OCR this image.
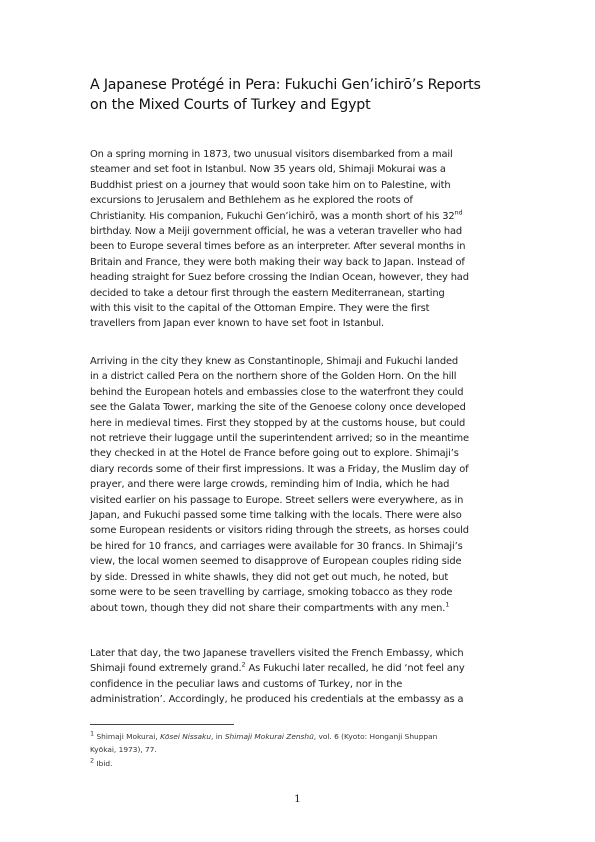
A Japanese Protégé in Pera: Fukuchi Gen’ichirō’s Reports
on the Mixed Courts of Turkey and Egypt

On a spring morning in 1873, two unusual visitors disembarked from a mail
steamer and set foot in Istanbul. Now 35 years old, Shimaji Mokurai was a
Buddhist priest on a journey that would soon take him on to Palestine, with
excursions to Jerusalem and Bethlehem as he explored the roots of
Christianity. His companion, Fukuchi Gen’ichirō, was a month short of his 32nd
birthday. Now a Meiji government official, he was a veteran traveller who had
been to Europe several times before as an interpreter. After several months in
Britain and France, they were both making their way back to Japan. Instead of
heading straight for Suez before crossing the Indian Ocean, however, they had
decided to take a detour first through the eastern Mediterranean, starting
with this visit to the capital of the Ottoman Empire. They were the first
travellers from Japan ever known to have set foot in Istanbul.

Arriving in the city they knew as Constantinople, Shimaji and Fukuchi landed
in a district called Pera on the northern shore of the Golden Horn. On the hill
behind the European hotels and embassies close to the waterfront they could
see the Galata Tower, marking the site of the Genoese colony once developed
here in medieval times. First they stopped by at the customs house, but could
not retrieve their luggage until the superintendent arrived; so in the meantime
they checked in at the Hotel de France before going out to explore. Shimaji’s
diary records some of their first impressions. It was a Friday, the Muslim day of
prayer, and there were large crowds, reminding him of India, which he had
visited earlier on his passage to Europe. Street sellers were everywhere, as in
Japan, and Fukuchi passed some time talking with the locals. There were also
some European residents or visitors riding through the streets, as horses could
be hired for 10 francs, and carriages were available for 30 francs. In Shimaji’s
view, the local women seemed to disapprove of European couples riding side
by side. Dressed in white shawls, they did not get out much, he noted, but
some were to be seen travelling by carriage, smoking tobacco as they rode
about town, though they did not share their compartments with any men.$^1$

Later that day, the two Japanese travellers visited the French Embassy, which
Shimaji found extremely grand.$^2$ As Fukuchi later recalled, he did ‘not feel any
confidence in the peculiar laws and customs of Turkey, nor in the
administration’. Accordingly, he produced his credentials at the embassy as a

$^1$ Shimaji Mokurai, Kōsei Nissaku, in Shimaji Mokurai Zenshū, vol. 6 (Kyoto: Honganji Shuppan
Kyōkai, 1973), 77.
$^2$ Ibid.
1
